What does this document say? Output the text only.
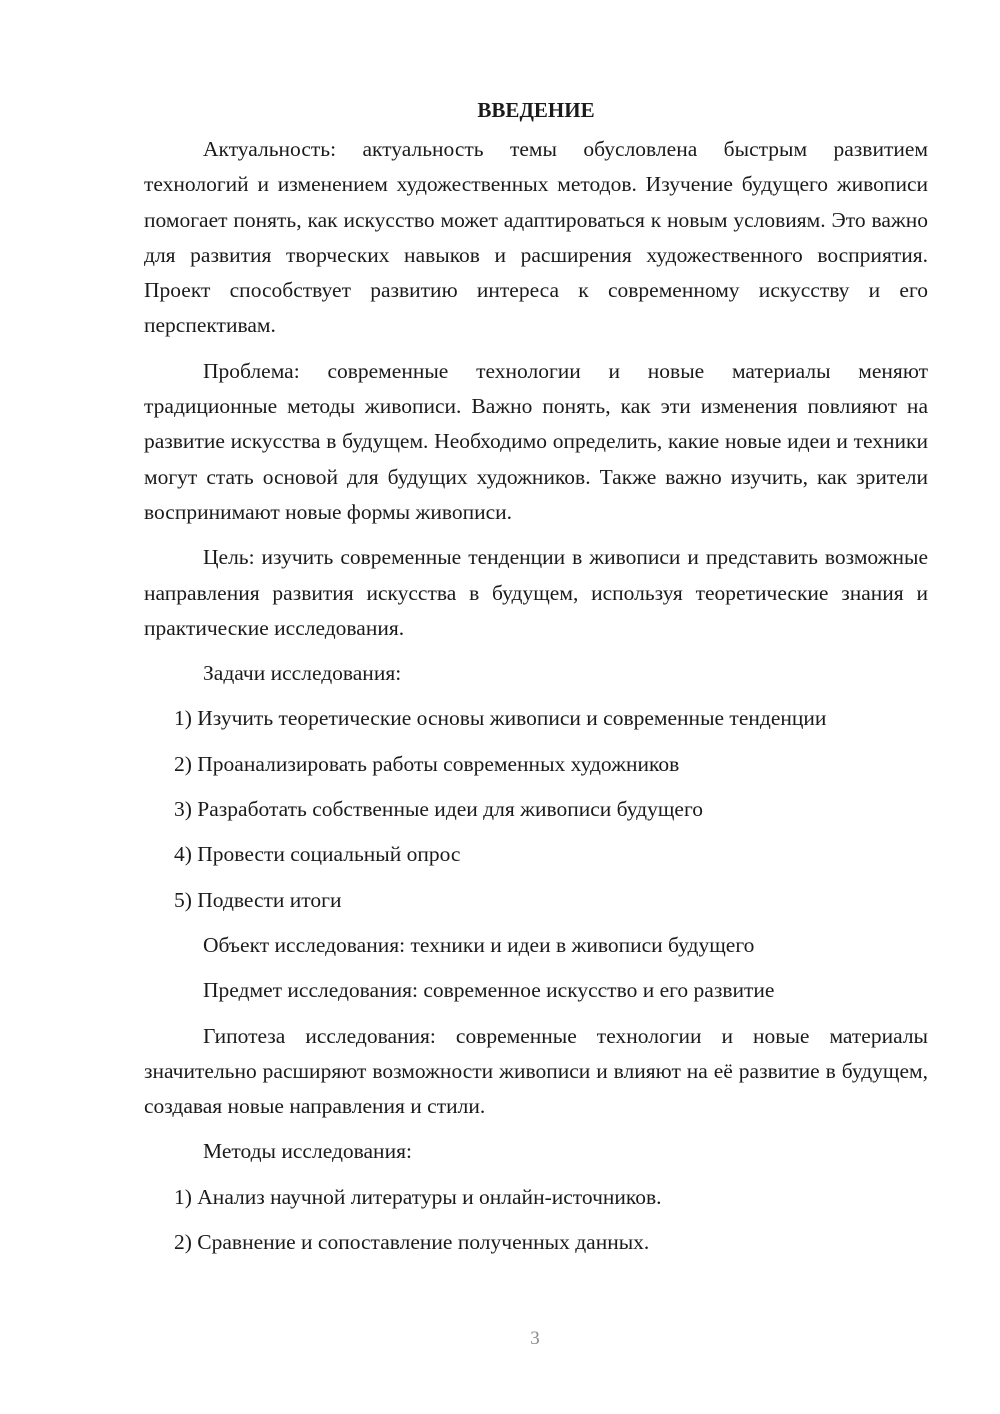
ВВЕДЕНИЕ

Актуальность: актуальность темы обусловлена быстрым развитием технологий и изменением художественных методов. Изучение будущего живописи помогает понять, как искусство может адаптироваться к новым условиям. Это важно для развития творческих навыков и расширения художественного восприятия. Проект способствует развитию интереса к современному искусству и его перспективам.

Проблема: современные технологии и новые материалы меняют традиционные методы живописи. Важно понять, как эти изменения повлияют на развитие искусства в будущем. Необходимо определить, какие новые идеи и техники могут стать основой для будущих художников. Также важно изучить, как зрители воспринимают новые формы живописи.

Цель: изучить современные тенденции в живописи и представить возможные направления развития искусства в будущем, используя теоретические знания и практические исследования.

Задачи исследования:
1) Изучить теоретические основы живописи и современные тенденции
2) Проанализировать работы современных художников
3) Разработать собственные идеи для живописи будущего
4) Провести социальный опрос
5) Подвести итоги
Объект исследования: техники и идеи в живописи будущего
Предмет исследования: современное искусство и его развитие

Гипотеза исследования: современные технологии и новые материалы значительно расширяют возможности живописи и влияют на её развитие в будущем, создавая новые направления и стили.

Методы исследования:
1) Анализ научной литературы и онлайн-источников.
2) Сравнение и сопоставление полученных данных.
3
